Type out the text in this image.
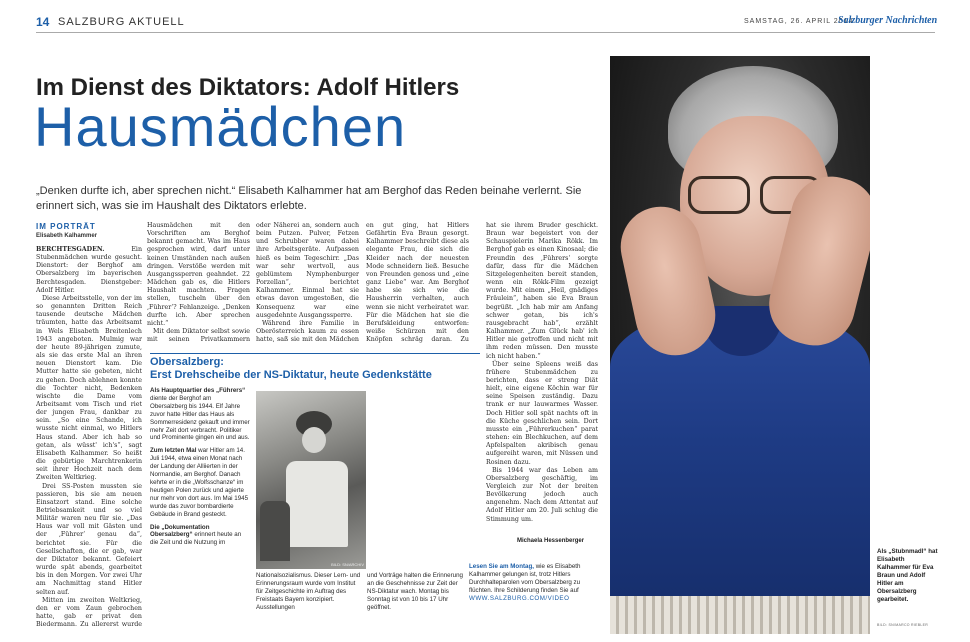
14 SALZBURG AKTUELL	SAMSTAG, 26. APRIL 2014
Salzburger Nachrichten
Im Dienst des Diktators: Adolf Hitlers
Hausmädchen
„Denken durfte ich, aber sprechen nicht.“ Elisabeth Kalhammer hat am Berghof das Reden beinahe verlernt. Sie erinnert sich, was sie im Haushalt des Diktators erlebte.
IM PORTRÄT
Elisabeth Kalhammer

BERCHTESGADEN.	Ein Stubenmädchen wurde gesucht. Dienstort: der Berghof am Obersalzberg im bayerischen Berchtesgaden. Dienstgeber: Adolf Hitler.

Diese Arbeitsstelle, von der im so genannten Dritten Reich tausende deutsche Mädchen träumten, hatte das Arbeitsamt in Wels Elisabeth Breitenlech 1943 angeboten. Mulmig war der heute 89-jährigen zumute, als sie das erste Mal an ihren neuen Dienstort kam. Die Mutter hatte sie gebeten, nicht zu gehen. Doch ablehnen konnte die Tochter nicht, Bedenken wischte die Dame vom Arbeitsamt vom Tisch und riet der jungen Frau, dankbar zu sein. „So eine Schande, ich wusste nicht einmal, wo Hitlers Haus stand. Aber ich hab so getan, als wüsst' ich's“, sagt Elisabeth Kalhammer. So heißt die gebürtige Marchtrenkerin seit ihrer Hochzeit nach dem Zweiten Weltkrieg.

Drei SS-Posten mussten sie passieren, bis sie am neuen Einsatzort stand. Eine solche Betriebsamkeit und so viel Militär waren neu für sie. „Das Haus war voll mit Gästen und der ‚Führer‘ genau da“, berichtet sie. Für die Gesellschaften, die er gab, war der Diktator bekannt. Gefeiert wurde spät abends, gearbeitet bis in den Morgen. Vor zwei Uhr am Nachmittag stand Hitler selten auf.

Mitten im zweiten Weltkrieg, den er vom Zaun gebrochen hatte, gab er privat den Biedermann. Zu allererst wurde

Hausmädchen mit den Vorschriften am Berghof bekannt gemacht. Was im Haus gesprochen wird, darf unter keinen Umständen nach außen dringen. Verstöße werden mit Ausgangssperren geahndet. 22 Mädchen gab es, die Hitlers Haushalt machten. Fragen stellen, tuscheln über den ‚Führer‘? Fehlanzeige. „Denken durfte ich. Aber sprechen nicht.“

Mit dem Diktator selbst sowie mit seinen Privatkammern

oder Näherei an, sondern auch beim Putzen. Pulver, Fetzen und Schrubber waren dabei ihre Arbeitsgeräte. Aufpassen hieß es beim Tegeschirr. „Das war sehr wertvoll, aus geblümtem Nymphenburger Porzellan“, berichtet Kalhammer. Einmal hat sie etwas davon umgestoßen, die Konsequenz war eine ausgedehnte Ausgangssperre.

Während ihre Familie in Oberösterreich kaum zu essen hatte, saß sie mit den Mädchen

en gut ging, hat Hitlers Gefährtin Eva Braun gesorgt. Kalhammer beschreibt diese als elegante Frau, die sich die Kleider nach der neuesten Mode schneidern ließ. Besuche von Freunden genoss und „eine ganz Liebe“ war. Am Berghof habe sie sich wie die Hausherrin verhalten, auch wenn sie nicht verheiratet war. Für die Mädchen hat sie die Berufskleidung entworfen: weiße Schürzen mit den Knöpfen schräg daran. Zu

hat sie ihrem Bruder geschickt. Braun war begeistert von der Schauspielerin Marika Rökk. Im Berghof gab es einen Kinosaal; die Freundin des ‚Führers‘ sorgte dafür, dass für die Mädchen Sitzgelegenheiten bereit standen, wenn ein Rökk-Film gezeigt wurde. Mit einem „Heil, gnädiges Fräulein“, haben sie Eva Braun begrüßt. „Ich hab mir am Anfang schwer getan, bis ich's rausgebracht hab“, erzählt Kalhammer. „Zum Glück hab' ich Hitler nie getroffen und nicht mit ihm reden müssen. Den musste ich nicht haben.“

Über seine Spleens weiß das frühere Stubenmädchen zu berichten, dass er streng Diät hielt, eine eigene Köchin war für seine Speisen zuständig. Dazu trank er nur lauwarmes Wasser. Doch Hitler soll spät nachts oft in die Küche geschlichen sein. Dort musste ein „Führerkuchen“ parat stehen: ein Blechkuchen, auf dem Apfelspalten akribisch genau aufgereiht waren, mit Nüssen und Rosinen dazu.

Bis 1944 war das Leben am Obersalzberg geschäftig, im Vergleich zur Not der breiten Bevölkerung jedoch auch angenehm. Nach dem Attentat auf Adolf Hitler am 20. Juli schlug die Stimmung um.

Michaela Hessenberger
Obersalzberg:
Erst Drehscheibe der NS-Diktatur, heute Gedenkstätte

Als Hauptquartier des „Führers“ diente der Berghof am Obersalzberg bis 1944. Elf Jahre zuvor hatte Hitler das Haus als Sommerresidenz gekauft und immer mehr Zeit dort verbracht. Politiker und Prominente gingen ein und aus.

Zum letzten Mal war Hitler am 14. Juli 1944, etwa einen Monat nach der Landung der Alliierten in der Normandie, am Berghof. Danach kehrte er in die „Wolfsschanze“ im heutigen Polen zurück und agierte nur mehr von dort aus. Im Mai 1945 wurde das zuvor bombardierte Gebäude in Brand gesteckt.

Die „Dokumentation Obersalzberg“ erinnert heute an die Zeit und die Nutzung im

BILD: SN/ARCHIV

Nationalsozialismus. Dieser Lern- und Erinnerungsraum wurde vom Institut für Zeitgeschichte im Auftrag des Freistaats Bayern konzipiert. Ausstellungen

und Vorträge halten die Erinnerung an die Geschehnisse zur Zeit der NS-Diktatur wach. Montag bis Sonntag ist von 10 bis 17 Uhr geöffnet.

Lesen Sie am Montag, wie es Elisabeth Kalhammer gelungen ist, trotz Hitlers Durchhalteparolen vom Obersalzberg zu flüchten. Ihre Schilderung finden Sie auf
WWW.SALZBURG.COM/VIDEO
Als „Stubnmadl“ hat Elisabeth Kalhammer für Eva Braun und Adolf Hitler am Obersalzberg gearbeitet.
BILD: SN/MARCO RIEBLER
